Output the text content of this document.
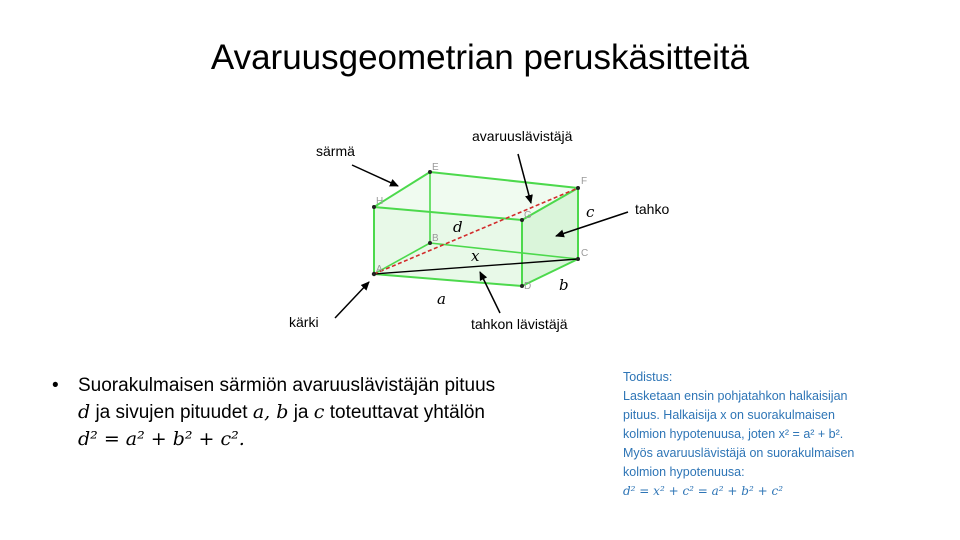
Avaruusgeometrian peruskäsitteitä
A
B
C
D
E
F
G
H
d
x
a
b
c
särmä
avaruuslävistäjä
tahko
kärki	tahkon lävistäjä
• Suorakulmaisen särmiön avaruuslävistäjän pituus
d ja sivujen pituudet a, b ja c toteuttavat yhtälön
d² = a² + b² + c².
Todistus:
Lasketaan ensin pohjatahkon halkaisijan
pituus. Halkaisija x on suorakulmaisen
kolmion hypotenuusa, joten x² = a² + b².
Myös avaruuslävistäjä on suorakulmaisen
kolmion hypotenuusa:
d² = x² + c² = a² + b² + c²
